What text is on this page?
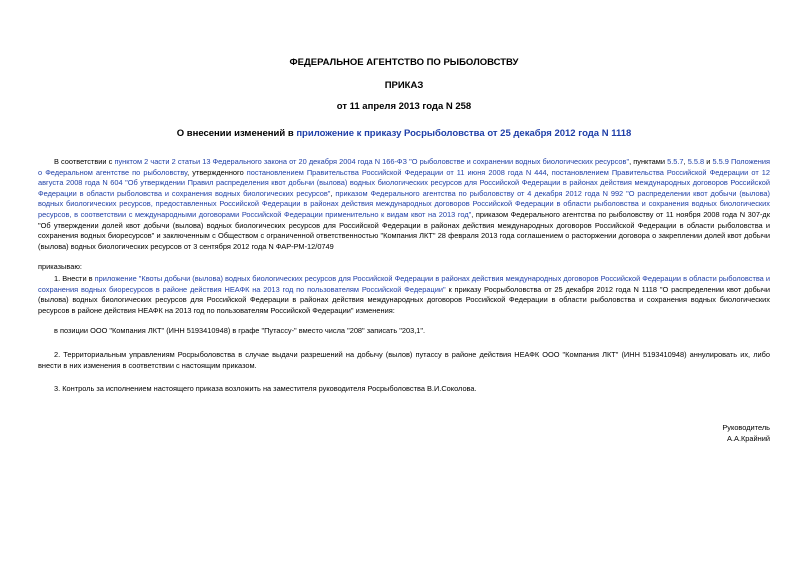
ФЕДЕРАЛЬНОЕ АГЕНТСТВО ПО РЫБОЛОВСТВУ
ПРИКАЗ
от 11 апреля 2013 года N 258
О внесении изменений в приложение к приказу Росрыболовства от 25 декабря 2012 года N 1118

В соответствии с пунктом 2 части 2 статьи 13 Федерального закона от 20 декабря 2004 года N 166-ФЗ "О рыболовстве и сохранении водных биологических ресурсов", пунктами 5.5.7, 5.5.8 и 5.5.9 Положения о Федеральном агентстве по рыболовству, утвержденного постановлением Правительства Российской Федерации от 11 июня 2008 года N 444, постановлением Правительства Российской Федерации от 12 августа 2008 года N 604 "Об утверждении Правил распределения квот добычи (вылова) водных биологических ресурсов для Российской Федерации в районах действия международных договоров Российской Федерации в области рыболовства и сохранения водных биологических ресурсов", приказом Федерального агентства по рыболовству от 4 декабря 2012 года N 992 "О распределении квот добычи (вылова) водных биологических ресурсов, предоставленных Российской Федерации в районах действия международных договоров Российской Федерации в области рыболовства и сохранения водных биологических ресурсов, в соответствии с международными договорами Российской Федерации применительно к видам квот на 2013 год", приказом Федерального агентства по рыболовству от 11 ноября 2008 года N 307-дк "Об утверждении долей квот добычи (вылова) водных биологических ресурсов для Российской Федерации в районах действия международных договоров Российской Федерации в области рыболовства и сохранения водных биоресурсов" и заключенным с Обществом с ограниченной ответственностью "Компания ЛКТ" 28 февраля 2013 года соглашением о расторжении договора о закреплении долей квот добычи (вылова) водных биологических ресурсов от 3 сентября 2012 года N ФАР-РМ-12/0749

приказываю:

1. Внести в приложение "Квоты добычи (вылова) водных биологических ресурсов для Российской Федерации в районах действия международных договоров Российской Федерации в области рыболовства и сохранения водных биоресурсов в районе действия НЕАФК на 2013 год по пользователям Российской Федерации" к приказу Росрыболовства от 25 декабря 2012 года N 1118 "О распределении квот добычи (вылова) водных биологических ресурсов для Российской Федерации в районах действия международных договоров Российской Федерации в области рыболовства и сохранения водных биологических ресурсов в районе действия НЕАФК на 2013 год по пользователям Российской Федерации" изменения:

в позиции ООО "Компания ЛКТ" (ИНН 5193410948) в графе "Путассу-" вместо числа "208" записать "203,1".

2. Территориальным управлениям Росрыболовства в случае выдачи разрешений на добычу (вылов) путассу в районе действия НЕАФК ООО "Компания ЛКТ" (ИНН 5193410948) аннулировать их, либо внести в них изменения в соответствии с настоящим приказом.

3. Контроль за исполнением настоящего приказа возложить на заместителя руководителя Росрыболовства В.И.Соколова.

Руководитель
А.А.Крайний
